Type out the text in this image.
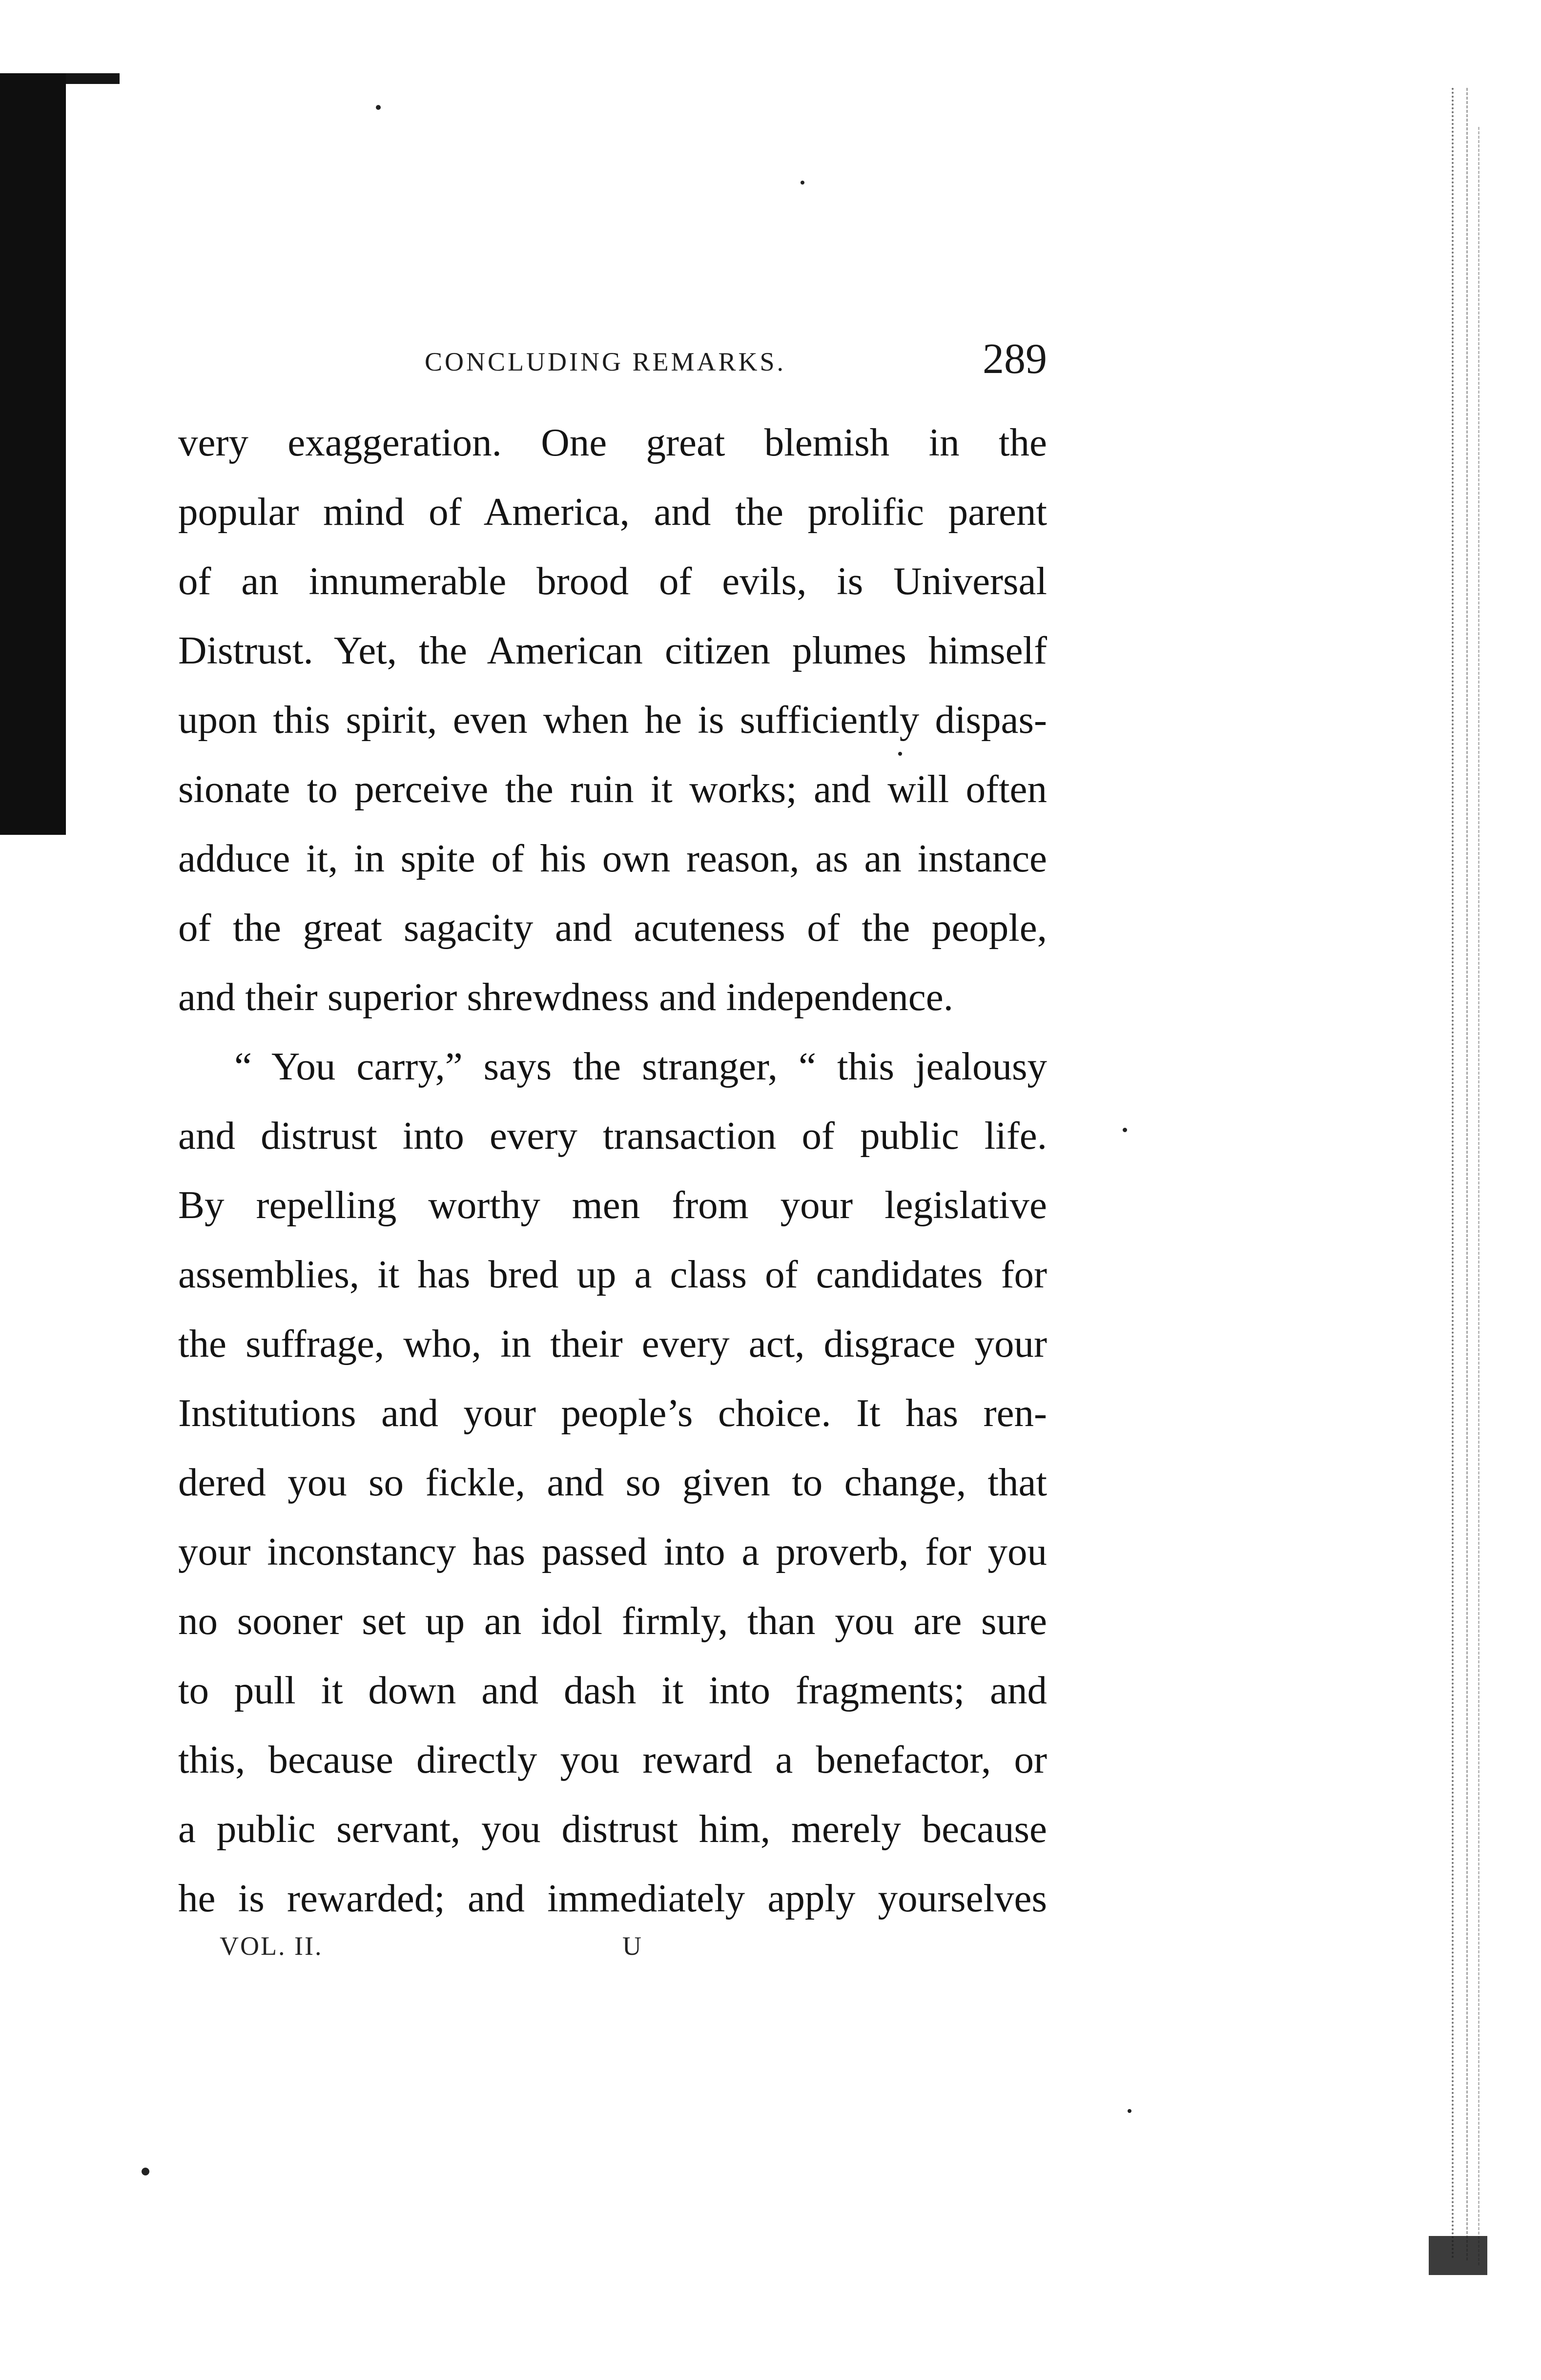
CONCLUDING REMARKS.	289
very exaggeration. One great blemish in the
popular mind of America, and the prolific parent
of an innumerable brood of evils, is Universal
Distrust. Yet, the American citizen plumes himself
upon this spirit, even when he is sufficiently dispas-
sionate to perceive the ruin it works; and will often
adduce it, in spite of his own reason, as an instance
of the great sagacity and acuteness of the people,
and their superior shrewdness and independence.
“ You carry,” says the stranger, “ this jealousy
and distrust into every transaction of public life.
By repelling worthy men from your legislative
assemblies, it has bred up a class of candidates for
the suffrage, who, in their every act, disgrace your
Institutions and your people’s choice. It has ren-
dered you so fickle, and so given to change, that
your inconstancy has passed into a proverb, for you
no sooner set up an idol firmly, than you are sure
to pull it down and dash it into fragments; and
this, because directly you reward a benefactor, or
a public servant, you distrust him, merely because
he is rewarded; and immediately apply yourselves
VOL. II.	U
